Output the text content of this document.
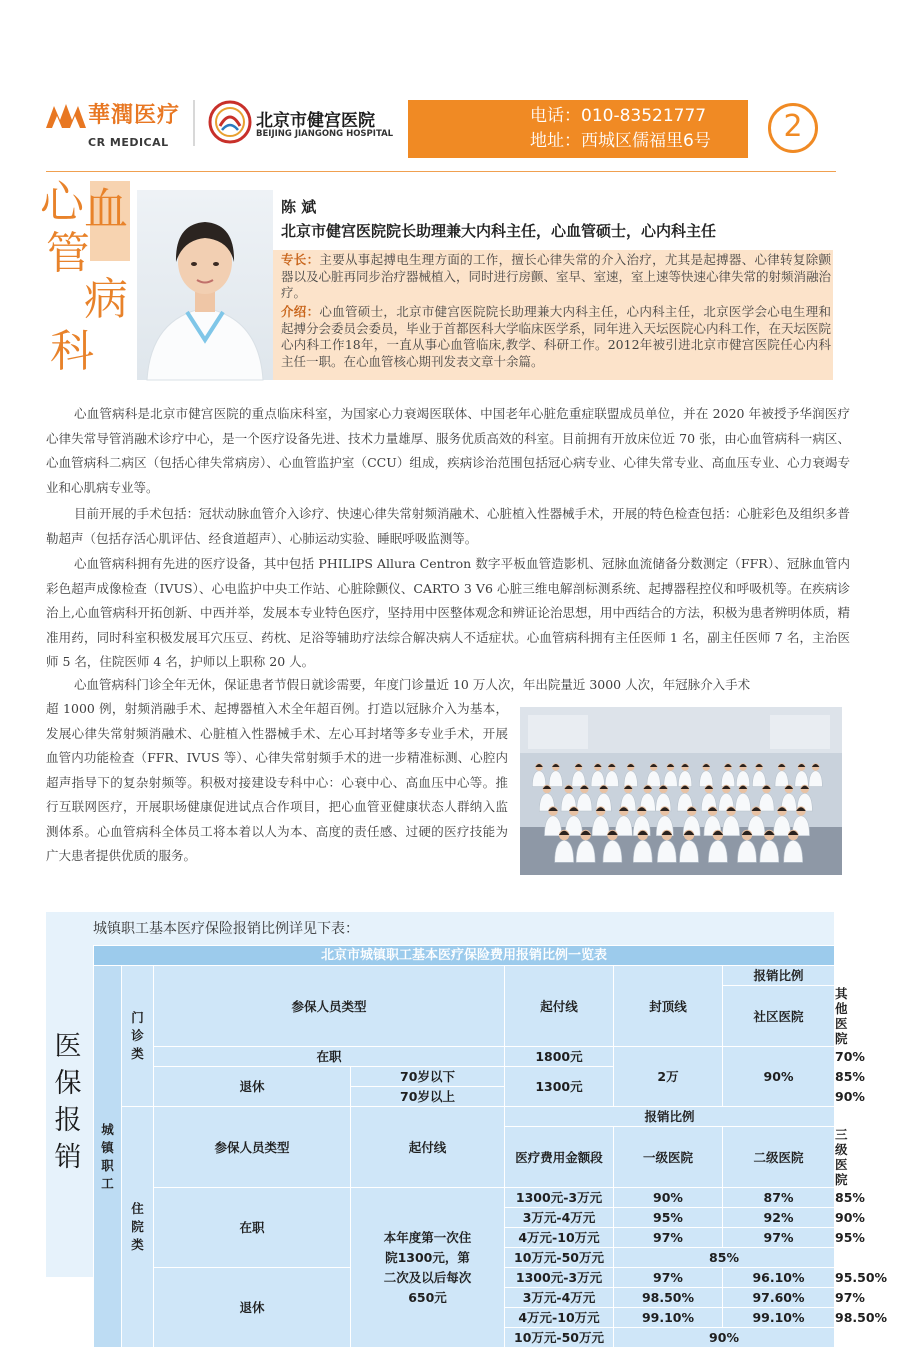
華潤医疗
CR MEDICAL
北京市健宫医院
BEIJING JIANGONG HOSPITAL
电话：010-83521777
地址：西城区儒福里6号	2
心 血
管
病
科
陈 斌
北京市健宫医院院长助理兼大内科主任，心血管硕士，心内科主任
专长：主要从事起搏电生理方面的工作，擅长心律失常的介入治疗，尤其是起搏器、心律转复除颤器以及心脏再同步治疗器械植入，同时进行房颤、室早、室速，室上速等快速心律失常的射频消融治疗。
介绍：心血管硕士，北京市健宫医院院长助理兼大内科主任，心内科主任，北京医学会心电生理和起搏分会委员会委员，毕业于首都医科大学临床医学系，同年进入天坛医院心内科工作，在天坛医院心内科工作18年，一直从事心血管临床,教学、科研工作。2012年被引进北京市健宫医院任心内科主任一职。在心血管核心期刊发表文章十余篇。
心血管病科是北京市健宫医院的重点临床科室，为国家心力衰竭医联体、中国老年心脏危重症联盟成员单位，并在 2020 年被授予华润医疗心律失常导管消融术诊疗中心，是一个医疗设备先进、技术力量雄厚、服务优质高效的科室。目前拥有开放床位近 70 张，由心血管病科一病区、心血管病科二病区（包括心律失常病房）、心血管监护室（CCU）组成，疾病诊治范围包括冠心病专业、心律失常专业、高血压专业、心力衰竭专业和心肌病专业等。
目前开展的手术包括：冠状动脉血管介入诊疗、快速心律失常射频消融术、心脏植入性器械手术，开展的特色检查包括：心脏彩色及组织多普勒超声（包括存活心肌评估、经食道超声）、心肺运动实验、睡眠呼吸监测等。
心血管病科拥有先进的医疗设备，其中包括 PHILIPS Allura Centron 数字平板血管造影机、冠脉血流储备分数测定（FFR）、冠脉血管内彩色超声成像检查（IVUS）、心电监护中央工作站、心脏除颤仪、CARTO 3 V6 心脏三维电解剖标测系统、起搏器程控仪和呼吸机等。在疾病诊治上,心血管病科开拓创新、中西并举，发展本专业特色医疗，坚持用中医整体观念和辨证论治思想，用中西结合的方法，积极为患者辨明体质，精准用药，同时科室积极发展耳穴压豆、药枕、足浴等辅助疗法综合解决病人不适症状。心血管病科拥有主任医师 1 名，副主任医师 7 名，主治医师 5 名，住院医师 4 名，护师以上职称 20 人。
心血管病科门诊全年无休，保证患者节假日就诊需要，年度门诊量近 10 万人次，年出院量近 3000 人次，年冠脉介入手术
超 1000 例，射频消融手术、起搏器植入术全年超百例。打造以冠脉介入为基本，发展心律失常射频消融术、心脏植入性器械手术、左心耳封堵等多专业手术，开展血管内功能检查（FFR、IVUS 等）、心律失常射频手术的进一步精准标测、心腔内超声指导下的复杂射频等。积极对接建设专科中心：心衰中心、高血压中心等。推行互联网医疗，开展职场健康促进试点合作项目，把心血管亚健康状态人群纳入监测体系。心血管病科全体员工将本着以人为本、高度的责任感、过硬的医疗技能为广大患者提供优质的服务。
医
保
报
销
城镇职工基本医疗保险报销比例详见下表：
北京市城镇职工基本医疗保险费用报销比例一览表							
城镇职工	门诊类	参保人员类型		起付线	封顶线	报销比例	
						社区医院	其他医院
		在职		1800元	2万	90%	70%
		退休	70岁以下	1300元			85%
			70岁以上				90%
	住院类	参保人员类型	起付线	报销比例			
				医疗费用金额段	一级医院	二级医院	三级医院
		在职	本年度第一次住院1300元，第二次及以后每次650元	1300元-3万元	90%	87%	85%
				3万元-4万元	95%	92%	90%
				4万元-10万元	97%	97%	95%
				10万元-50万元	85%		
		退休		1300元-3万元	97%	96.10%	95.50%
				3万元-4万元	98.50%	97.60%	97%
				4万元-10万元	99.10%	99.10%	98.50%
				10万元-50万元	90%		
